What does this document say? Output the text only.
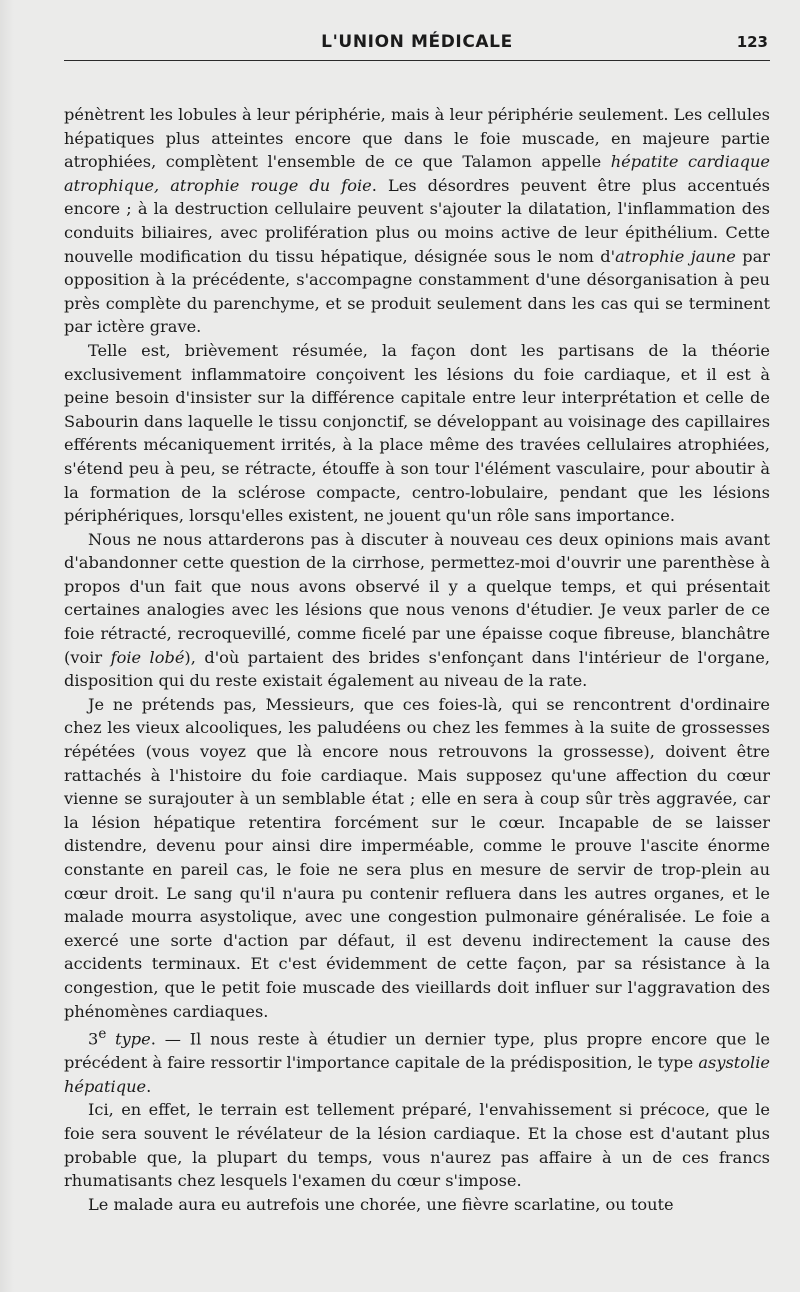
L'UNION MÉDICALE	123

pénètrent les lobules à leur périphérie, mais à leur périphérie seulement. Les cellules hépatiques plus atteintes encore que dans le foie muscade, en majeure partie atrophiées, complètent l'ensemble de ce que Talamon appelle hépatite cardiaque atrophique, atrophie rouge du foie. Les désordres peuvent être plus accentués encore ; à la destruction cellulaire peuvent s'ajouter la dilatation, l'inflammation des conduits biliaires, avec prolifération plus ou moins active de leur épithélium. Cette nouvelle modification du tissu hépatique, désignée sous le nom d'atrophie jaune par opposition à la précédente, s'accompagne constamment d'une désorganisation à peu près complète du parenchyme, et se produit seulement dans les cas qui se terminent par ictère grave.

Telle est, brièvement résumée, la façon dont les partisans de la théorie exclusivement inflammatoire conçoivent les lésions du foie cardiaque, et il est à peine besoin d'insister sur la différence capitale entre leur interprétation et celle de Sabourin dans laquelle le tissu conjonctif, se développant au voisinage des capillaires efférents mécaniquement irrités, à la place même des travées cellulaires atrophiées, s'étend peu à peu, se rétracte, étouffe à son tour l'élément vasculaire, pour aboutir à la formation de la sclérose compacte, centro-lobulaire, pendant que les lésions périphériques, lorsqu'elles existent, ne jouent qu'un rôle sans importance.

Nous ne nous attarderons pas à discuter à nouveau ces deux opinions mais avant d'abandonner cette question de la cirrhose, permettez-moi d'ouvrir une parenthèse à propos d'un fait que nous avons observé il y a quelque temps, et qui présentait certaines analogies avec les lésions que nous venons d'étudier. Je veux parler de ce foie rétracté, recroquevillé, comme ficelé par une épaisse coque fibreuse, blanchâtre (voir foie lobé), d'où partaient des brides s'enfonçant dans l'intérieur de l'organe, disposition qui du reste existait également au niveau de la rate.

Je ne prétends pas, Messieurs, que ces foies-là, qui se rencontrent d'ordinaire chez les vieux alcooliques, les paludéens ou chez les femmes à la suite de grossesses répétées (vous voyez que là encore nous retrouvons la grossesse), doivent être rattachés à l'histoire du foie cardiaque. Mais supposez qu'une affection du cœur vienne se surajouter à un semblable état ; elle en sera à coup sûr très aggravée, car la lésion hépatique retentira forcément sur le cœur. Incapable de se laisser distendre, devenu pour ainsi dire imperméable, comme le prouve l'ascite énorme constante en pareil cas, le foie ne sera plus en mesure de servir de trop-plein au cœur droit. Le sang qu'il n'aura pu contenir refluera dans les autres organes, et le malade mourra asystolique, avec une congestion pulmonaire généralisée. Le foie a exercé une sorte d'action par défaut, il est devenu indirectement la cause des accidents terminaux. Et c'est évidemment de cette façon, par sa résistance à la congestion, que le petit foie muscade des vieillards doit influer sur l'aggravation des phénomènes cardiaques.

3e type. — Il nous reste à étudier un dernier type, plus propre encore que le précédent à faire ressortir l'importance capitale de la prédisposition, le type asystolie hépatique.

Ici, en effet, le terrain est tellement préparé, l'envahissement si précoce, que le foie sera souvent le révélateur de la lésion cardiaque. Et la chose est d'autant plus probable que, la plupart du temps, vous n'aurez pas affaire à un de ces francs rhumatisants chez lesquels l'examen du cœur s'impose.

Le malade aura eu autrefois une chorée, une fièvre scarlatine, ou toute
